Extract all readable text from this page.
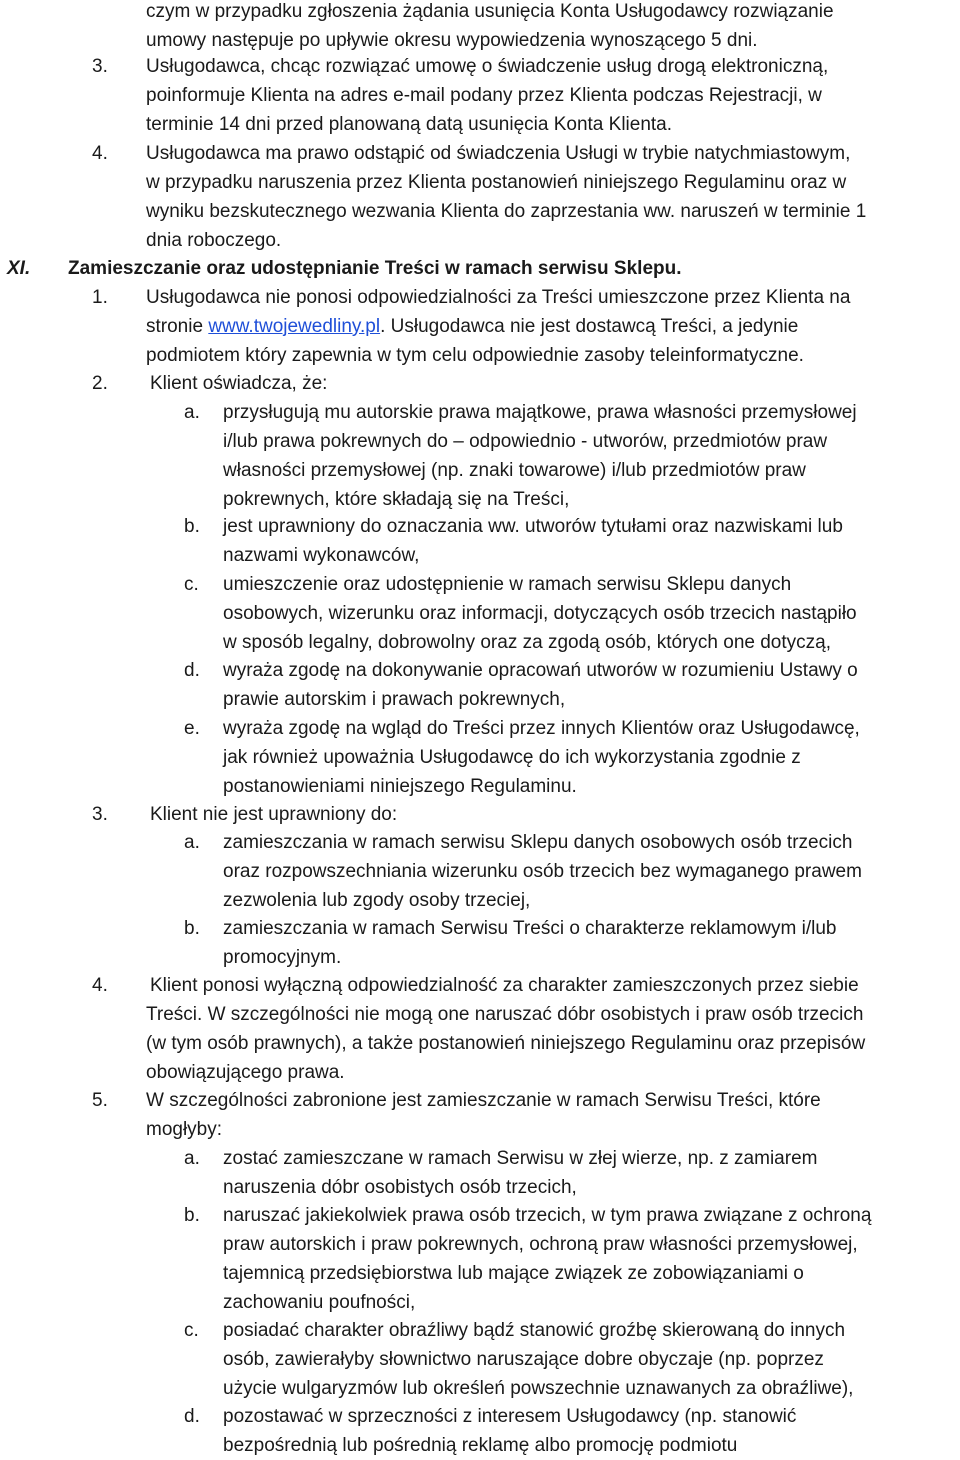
czym w przypadku zgłoszenia żądania usunięcia Konta Usługodawcy rozwiązanie
umowy następuje po upływie okresu wypowiedzenia wynoszącego 5 dni.
3. Usługodawca, chcąc rozwiązać umowę o świadczenie usług drogą elektroniczną,
poinformuje Klienta na adres e-mail podany przez Klienta podczas Rejestracji, w
terminie 14 dni przed planowaną datą usunięcia Konta Klienta.
4. Usługodawca ma prawo odstąpić od świadczenia Usługi w trybie natychmiastowym,
w przypadku naruszenia przez Klienta postanowień niniejszego Regulaminu oraz w
wyniku bezskutecznego wezwania Klienta do zaprzestania ww. naruszeń w terminie 1
dnia roboczego.
XI. Zamieszczanie oraz udostępnianie Treści w ramach serwisu Sklepu.
1. Usługodawca nie ponosi odpowiedzialności za Treści umieszczone przez Klienta na
stronie www.twojewedliny.pl. Usługodawca nie jest dostawcą Treści, a jedynie
podmiotem który zapewnia w tym celu odpowiednie zasoby teleinformatyczne.
2. Klient oświadcza, że:
a. przysługują mu autorskie prawa majątkowe, prawa własności przemysłowej
i/lub prawa pokrewnych do – odpowiednio - utworów, przedmiotów praw
własności przemysłowej (np. znaki towarowe) i/lub przedmiotów praw
pokrewnych, które składają się na Treści,
b. jest uprawniony do oznaczania ww. utworów tytułami oraz nazwiskami lub
nazwami wykonawców,
c. umieszczenie oraz udostępnienie w ramach serwisu Sklepu danych
osobowych, wizerunku oraz informacji, dotyczących osób trzecich nastąpiło
w sposób legalny, dobrowolny oraz za zgodą osób, których one dotyczą,
d. wyraża zgodę na dokonywanie opracowań utworów w rozumieniu Ustawy o
prawie autorskim i prawach pokrewnych,
e. wyraża zgodę na wgląd do Treści przez innych Klientów oraz Usługodawcę,
jak również upoważnia Usługodawcę do ich wykorzystania zgodnie z
postanowieniami niniejszego Regulaminu.
3. Klient nie jest uprawniony do:
a. zamieszczania w ramach serwisu Sklepu danych osobowych osób trzecich
oraz rozpowszechniania wizerunku osób trzecich bez wymaganego prawem
zezwolenia lub zgody osoby trzeciej,
b. zamieszczania w ramach Serwisu Treści o charakterze reklamowym i/lub
promocyjnym.
4. Klient ponosi wyłączną odpowiedzialność za charakter zamieszczonych przez siebie
Treści. W szczególności nie mogą one naruszać dóbr osobistych i praw osób trzecich
(w tym osób prawnych), a także postanowień niniejszego Regulaminu oraz przepisów
obowiązującego prawa.
5. W szczególności zabronione jest zamieszczanie w ramach Serwisu Treści, które
mogłyby:
a. zostać zamieszczane w ramach Serwisu w złej wierze, np. z zamiarem
naruszenia dóbr osobistych osób trzecich,
b. naruszać jakiekolwiek prawa osób trzecich, w tym prawa związane z ochroną
praw autorskich i praw pokrewnych, ochroną praw własności przemysłowej,
tajemnicą przedsiębiorstwa lub mające związek ze zobowiązaniami o
zachowaniu poufności,
c. posiadać charakter obraźliwy bądź stanowić groźbę skierowaną do innych
osób, zawierałyby słownictwo naruszające dobre obyczaje (np. poprzez
użycie wulgaryzmów lub określeń powszechnie uznawanych za obraźliwe),
d. pozostawać w sprzeczności z interesem Usługodawcy (np. stanowić
bezpośrednią lub pośrednią reklamę albo promocję podmiotu
